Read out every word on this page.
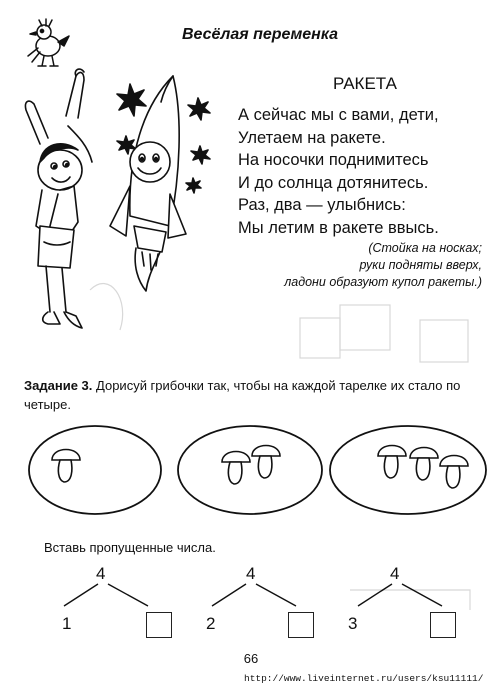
Весёлая переменка
РАКЕТА
А сейчас мы с вами, дети,
Улетаем на ракете.
На носочки поднимитесь
И до солнца дотянитесь.
Раз, два — улыбнись:
Мы летим в ракете ввысь.
(Стойка на носках;
руки подняты вверх,
ладони образуют купол ракеты.)
Задание 3. Дорисуй грибочки так, чтобы на каждой тарелке их стало по четыре.
Вставь пропущенные числа.
4
1
4
2
4
3
66
http://www.liveinternet.ru/users/ksu11111/
